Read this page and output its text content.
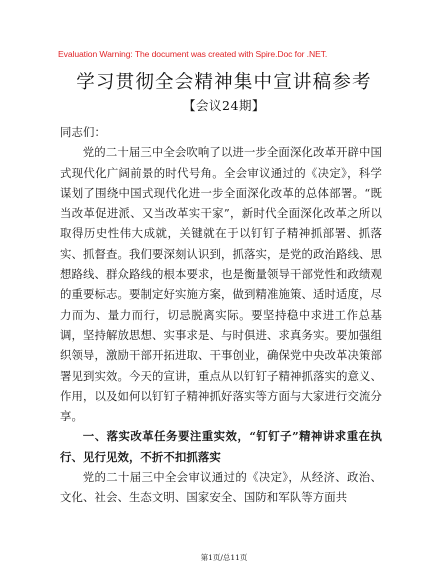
Evaluation Warning: The document was created with Spire.Doc for .NET.
学习贯彻全会精神集中宣讲稿参考
【会议24期】

同志们：

党的二十届三中全会吹响了以进一步全面深化改革开辟中国式现代化广阔前景的时代号角。全会审议通过的《决定》，科学谋划了围绕中国式现代化进一步全面深化改革的总体部署。“既当改革促进派、又当改革实干家”，新时代全面深化改革之所以取得历史性伟大成就，关键就在于以钉钉子精神抓部署、抓落实、抓督查。我们要深刻认识到，抓落实，是党的政治路线、思想路线、群众路线的根本要求，也是衡量领导干部党性和政绩观的重要标志。要制定好实施方案，做到精准施策、适时适度，尽力而为、量力而行，切忌脱离实际。要坚持稳中求进工作总基调，坚持解放思想、实事求是、与时俱进、求真务实。要加强组织领导，激励干部开拓进取、干事创业，确保党中央改革决策部署见到实效。今天的宣讲，重点从以钉钉子精神抓落实的意义、作用，以及如何以钉钉子精神抓好落实等方面与大家进行交流分享。

一、落实改革任务要注重实效，“钉钉子”精神讲求重在执行、见行见效，不折不扣抓落实

党的二十届三中全会审议通过的《决定》，从经济、政治、文化、社会、生态文明、国家安全、国防和军队等方面共

第1页/总11页
